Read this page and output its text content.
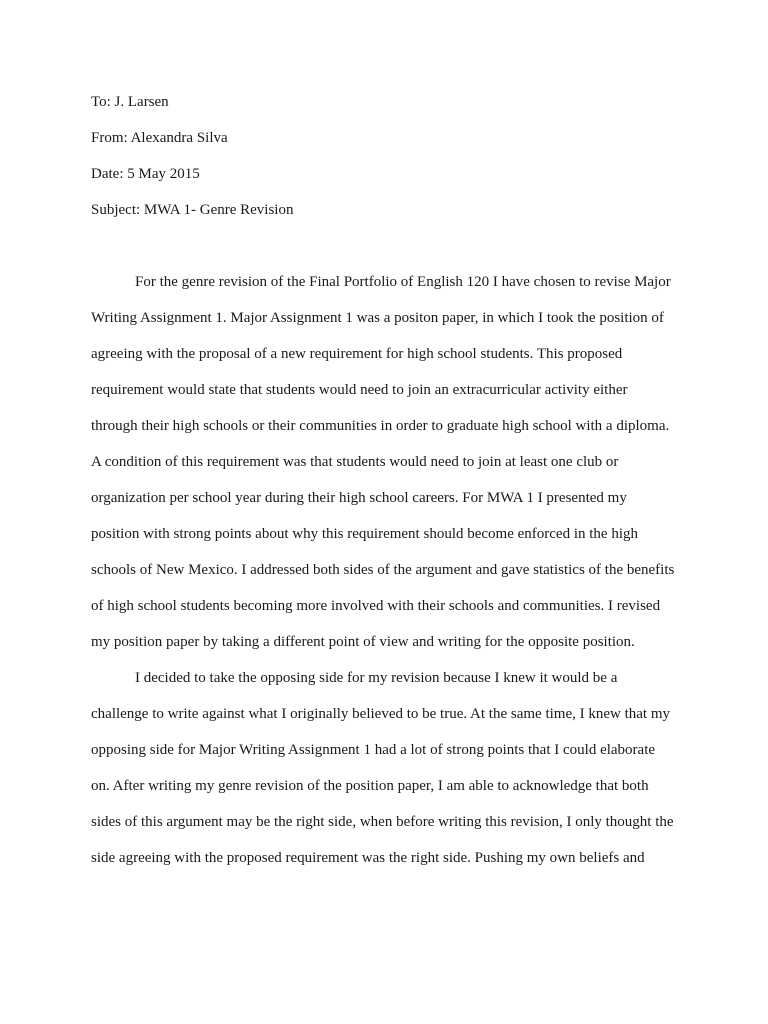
To: J. Larsen
From: Alexandra Silva
Date: 5 May 2015
Subject: MWA 1- Genre Revision
For the genre revision of the Final Portfolio of English 120 I have chosen to revise Major
Writing Assignment 1. Major Assignment 1 was a positon paper, in which I took the position of
agreeing with the proposal of a new requirement for high school students. This proposed
requirement would state that students would need to join an extracurricular activity either
through their high schools or their communities in order to graduate high school with a diploma.
A condition of this requirement was that students would need to join at least one club or
organization per school year during their high school careers. For MWA 1 I presented my
position with strong points about why this requirement should become enforced in the high
schools of New Mexico. I addressed both sides of the argument and gave statistics of the benefits
of high school students becoming more involved with their schools and communities. I revised
my position paper by taking a different point of view and writing for the opposite position.
I decided to take the opposing side for my revision because I knew it would be a
challenge to write against what I originally believed to be true. At the same time, I knew that my
opposing side for Major Writing Assignment 1 had a lot of strong points that I could elaborate
on. After writing my genre revision of the position paper, I am able to acknowledge that both
sides of this argument may be the right side, when before writing this revision, I only thought the
side agreeing with the proposed requirement was the right side. Pushing my own beliefs and
